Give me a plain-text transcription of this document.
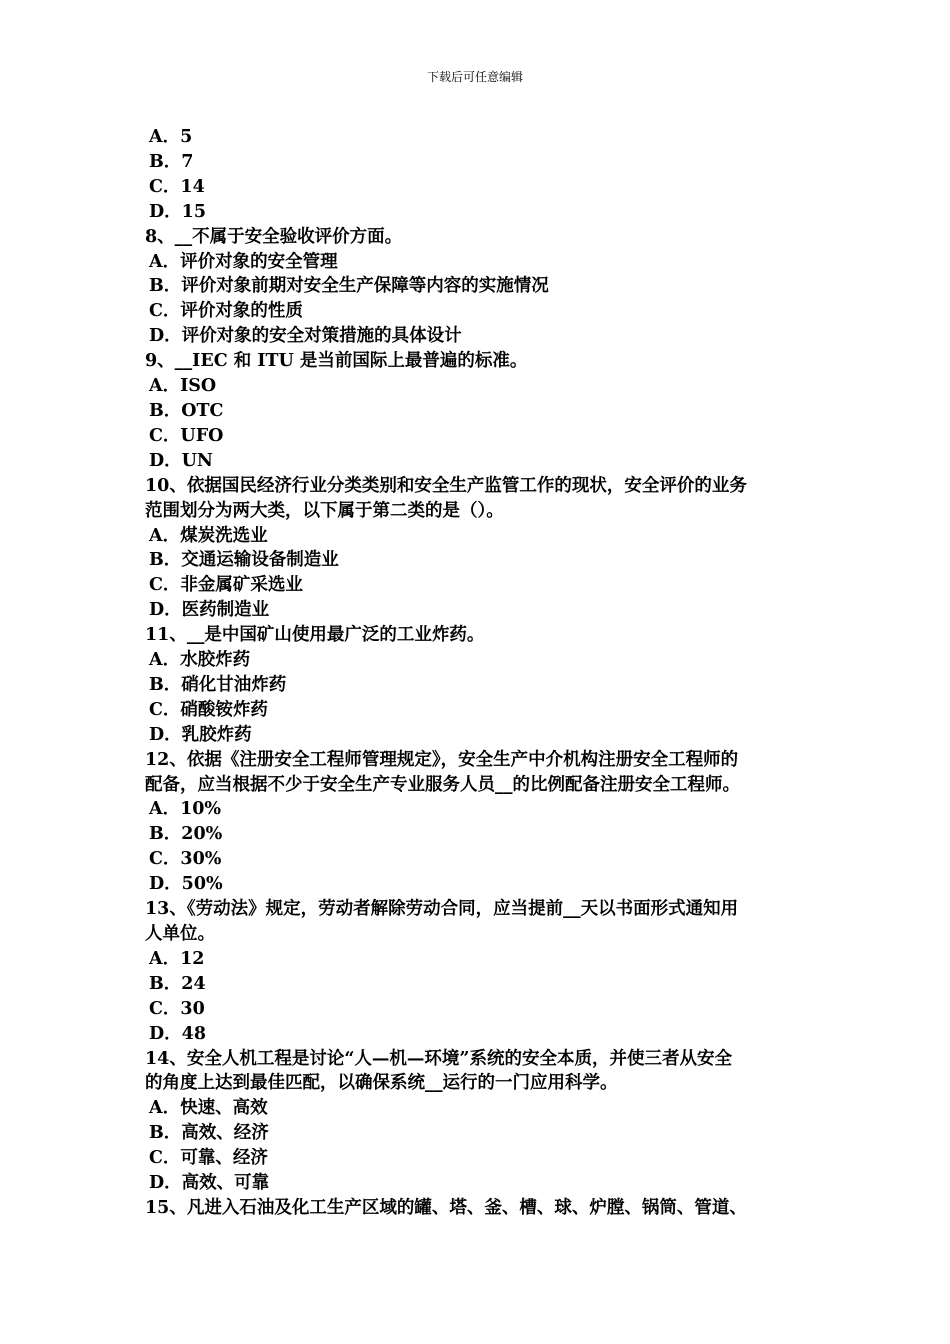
下载后可任意编辑
A．5
B．7
C．14
D．15
8、__不属于安全验收评价方面。
A．评价对象的安全管理
B．评价对象前期对安全生产保障等内容的实施情况
C．评价对象的性质
D．评价对象的安全对策措施的具体设计
9、__IEC 和 ITU 是当前国际上最普遍的标准。
A．ISO
B．OTC
C．UFO
D．UN
10、依据国民经济行业分类类别和安全生产监管工作的现状，安全评价的业务
范围划分为两大类，以下属于第二类的是（）。
A．煤炭洗选业
B．交通运输设备制造业
C．非金属矿采选业
D．医药制造业
11、__是中国矿山使用最广泛的工业炸药。
A．水胶炸药
B．硝化甘油炸药
C．硝酸铵炸药
D．乳胶炸药
12、依据《注册安全工程师管理规定》，安全生产中介机构注册安全工程师的
配备，应当根据不少于安全生产专业服务人员__的比例配备注册安全工程师。
A．10%
B．20%
C．30%
D．50%
13、《劳动法》规定，劳动者解除劳动合同，应当提前__天以书面形式通知用
人单位。
A．12
B．24
C．30
D．48
14、安全人机工程是讨论“人—机—环境”系统的安全本质，并使三者从安全
的角度上达到最佳匹配，以确保系统__运行的一门应用科学。
A．快速、高效
B．高效、经济
C．可靠、经济
D．高效、可靠
15、凡进入石油及化工生产区域的罐、塔、釜、槽、球、炉膛、锅筒、管道、
